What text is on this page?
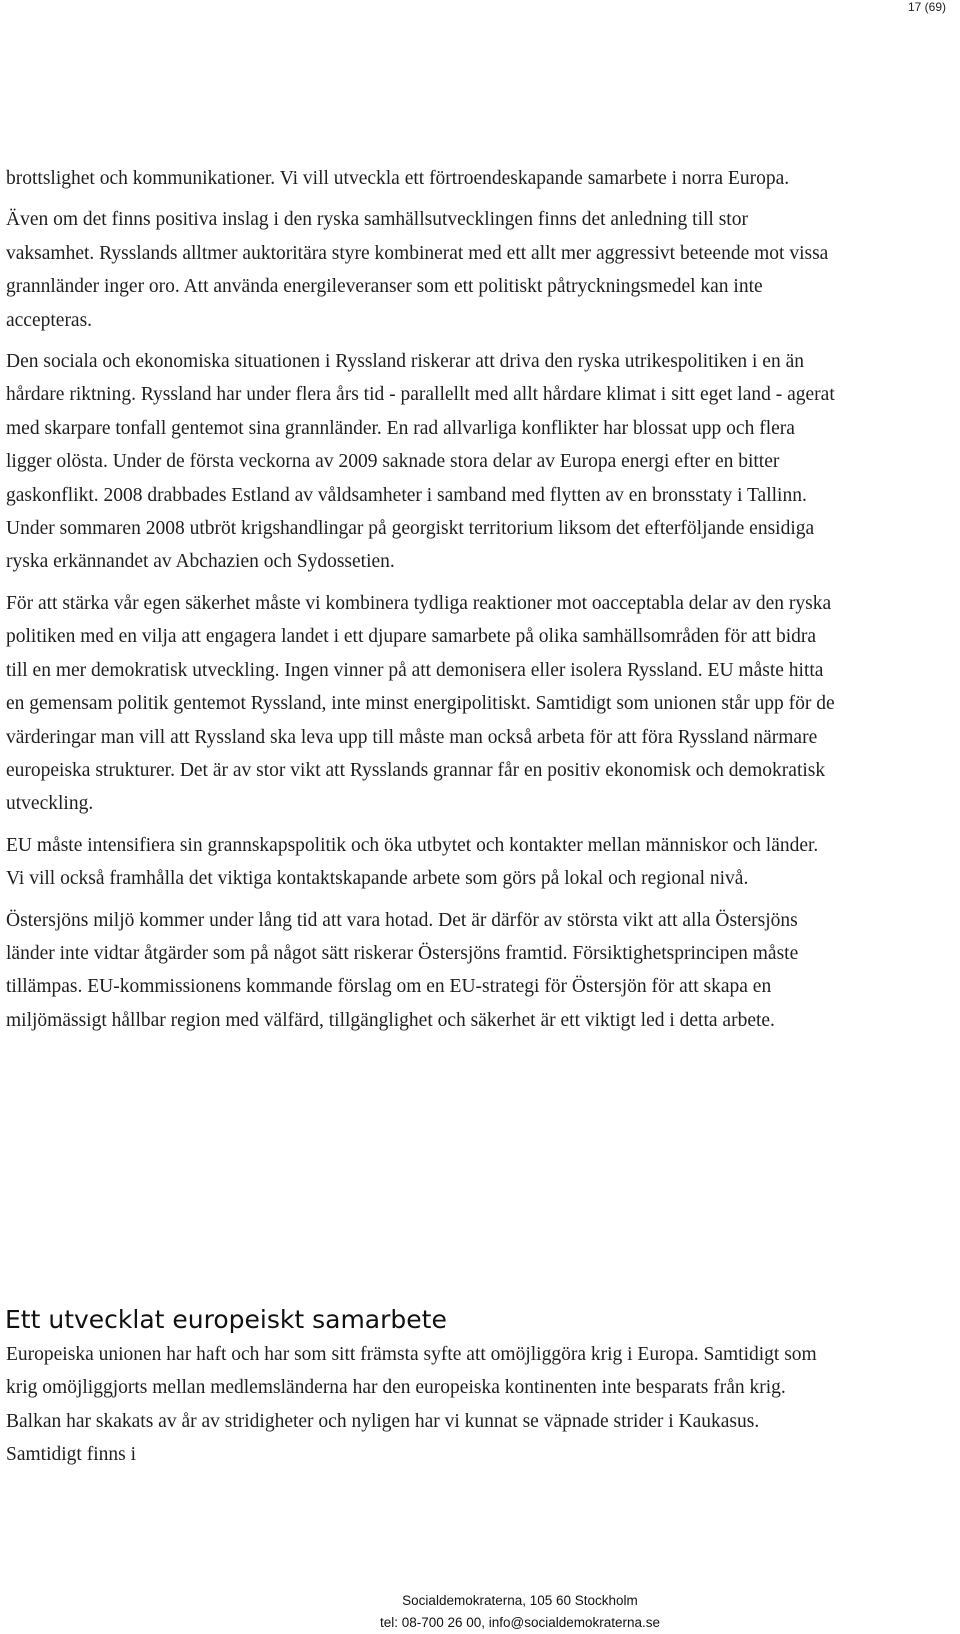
17 (69)

brottslighet och kommunikationer. Vi vill utveckla ett förtroendeskapande samarbete i norra Europa.

Även om det finns positiva inslag i den ryska samhällsutvecklingen finns det anledning till stor vaksamhet. Rysslands alltmer auktoritära styre kombinerat med ett allt mer aggressivt beteende mot vissa grannländer inger oro. Att använda energileveranser som ett politiskt påtryckningsmedel kan inte accepteras.

Den sociala och ekonomiska situationen i Ryssland riskerar att driva den ryska utrikespolitiken i en än hårdare riktning. Ryssland har under flera års tid - parallellt med allt hårdare klimat i sitt eget land - agerat med skarpare tonfall gentemot sina grannländer. En rad allvarliga konflikter har blossat upp och flera ligger olösta. Under de första veckorna av 2009 saknade stora delar av Europa energi efter en bitter gaskonflikt. 2008 drabbades Estland av våldsamheter i samband med flytten av en bronsstaty i Tallinn. Under sommaren 2008 utbröt krigshandlingar på georgiskt territorium liksom det efterföljande ensidiga ryska erkännandet av Abchazien och Sydossetien.

För att stärka vår egen säkerhet måste vi kombinera tydliga reaktioner mot oacceptabla delar av den ryska politiken med en vilja att engagera landet i ett djupare samarbete på olika samhällsområden för att bidra till en mer demokratisk utveckling. Ingen vinner på att demonisera eller isolera Ryssland. EU måste hitta en gemensam politik gentemot Ryssland, inte minst energipolitiskt. Samtidigt som unionen står upp för de värderingar man vill att Ryssland ska leva upp till måste man också arbeta för att föra Ryssland närmare europeiska strukturer. Det är av stor vikt att Rysslands grannar får en positiv ekonomisk och demokratisk utveckling.

EU måste intensifiera sin grannskapspolitik och öka utbytet och kontakter mellan människor och länder. Vi vill också framhålla det viktiga kontaktskapande arbete som görs på lokal och regional nivå.

Östersjöns miljö kommer under lång tid att vara hotad. Det är därför av största vikt att alla Östersjöns länder inte vidtar åtgärder som på något sätt riskerar Östersjöns framtid. Försiktighetsprincipen måste tillämpas. EU-kommissionens kommande förslag om en EU-strategi för Östersjön för att skapa en miljömässigt hållbar region med välfärd, tillgänglighet och säkerhet är ett viktigt led i detta arbete.

Ett utvecklat europeiskt samarbete

Europeiska unionen har haft och har som sitt främsta syfte att omöjliggöra krig i Europa. Samtidigt som krig omöjliggjorts mellan medlemsländerna har den europeiska kontinenten inte besparats från krig. Balkan har skakats av år av stridigheter och nyligen har vi kunnat se väpnade strider i Kaukasus. Samtidigt finns i

Socialdemokraterna, 105 60 Stockholm
tel: 08-700 26 00, info@socialdemokraterna.se
